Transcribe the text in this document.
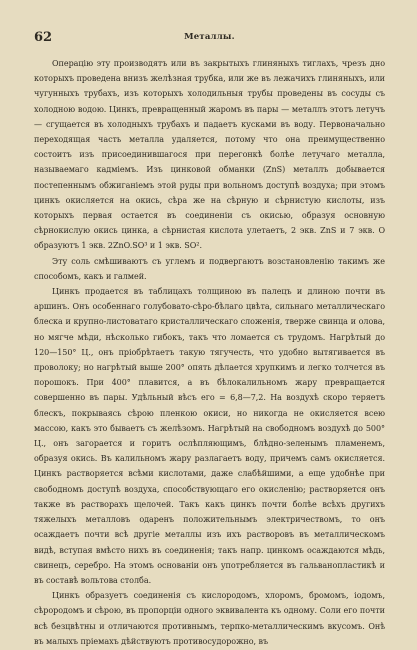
62	Металлы.

Операцію эту производятъ или въ закрытыхъ глиняныхъ тиглахъ, чрезъ дно которыхъ проведена внизъ желѣзная трубка, или же въ лежачихъ глиняныхъ, или чугунныхъ трубахъ, изъ которыхъ холодильныя трубы проведены въ сосуды съ холодною водою. Цинкъ, превращенный жаромъ въ пары — металлъ этотъ летучъ — сгущается въ холодныхъ трубахъ и падаетъ кусками въ воду. Первоначально переходящая часть металла удаляется, потому что она преимущественно состоитъ изъ присоединившагося при перегонкѣ болѣе летучаго металла, называемаго кадміемъ. Изъ цинковой обманки (ZnS) металлъ добывается постепеннымъ обжиганіемъ этой руды при вольномъ доступѣ воздуха; при этомъ цинкъ окисляется на окись, сѣра же на сѣрную и сѣрнистую кислоты, изъ которыхъ первая остается въ соединеніи съ окисью, образуя основную сѣрнокислую окись цинка, а сѣрнистая кислота улетаетъ, 2 экв. ZnS и 7 экв. O образуютъ 1 экв. 2ZnO.SO³ и 1 экв. SO².

Эту соль смѣшиваютъ съ углемъ и подвергаютъ возстановленію такимъ же способомъ, какъ и галмей.

Цинкъ продается въ таблицахъ толщиною въ палецъ и длиною почти въ аршинъ. Онъ особеннаго голубовато-сѣро-бѣлаго цвѣта, сильнаго металлическаго блеска и крупно-листоватаго кристаллическаго сложенія, тверже свинца и олова, но мягче мѣди, нѣсколько гибокъ, такъ что ломается съ трудомъ. Нагрѣтый до 120—150° Ц., онъ пріобрѣтаетъ такую тягучесть, что удобно вытягивается въ проволоку; но нагрѣтый выше 200° опять дѣлается хрупкимъ и легко толчется въ порошокъ. При 400° плавится, а въ бѣлокалильномъ жару превращается совершенно въ пары. Удѣльный вѣсъ его = 6,8—7,2. На воздухѣ скоро теряетъ блескъ, покрываясь сѣрою пленкою окиси, но никогда не окисляется всею массою, какъ это бываетъ съ желѣзомъ. Нагрѣтый на свободномъ воздухѣ до 500° Ц., онъ загорается и горитъ ослѣпляющимъ, блѣдно-зеленымъ пламенемъ, образуя окись. Въ калильномъ жару разлагаетъ воду, причемъ самъ окисляется. Цинкъ растворяется всѣми кислотами, даже слабѣйшими, а еще удобнѣе при свободномъ доступѣ воздуха, способствующаго его окисленію; растворяется онъ также въ растворахъ щелочей. Такъ какъ цинкъ почти болѣе всѣхъ другихъ тяжелыхъ металловъ одаренъ положительнымъ электричествомъ, то онъ осаждаетъ почти всѣ другіе металлы изъ ихъ растворовъ въ металлическомъ видѣ, вступая вмѣсто нихъ въ соединенія; такъ напр. цинкомъ осаждаются мѣдь, свинецъ, серебро. На этомъ основаніи онъ употребляется въ гальванопластикѣ и въ составѣ вольтова столба.

Цинкъ образуетъ соединенія съ кислородомъ, хлоромъ, бромомъ, іодомъ, сѣрородомъ и сѣрою, въ пропорціи одного эквивалента къ одному. Соли его почти всѣ безцвѣтны и отличаются противнымъ, терпко-металлическимъ вкусомъ. Онѣ въ малыхъ пріемахъ дѣйствуютъ противосудорожно, въ
